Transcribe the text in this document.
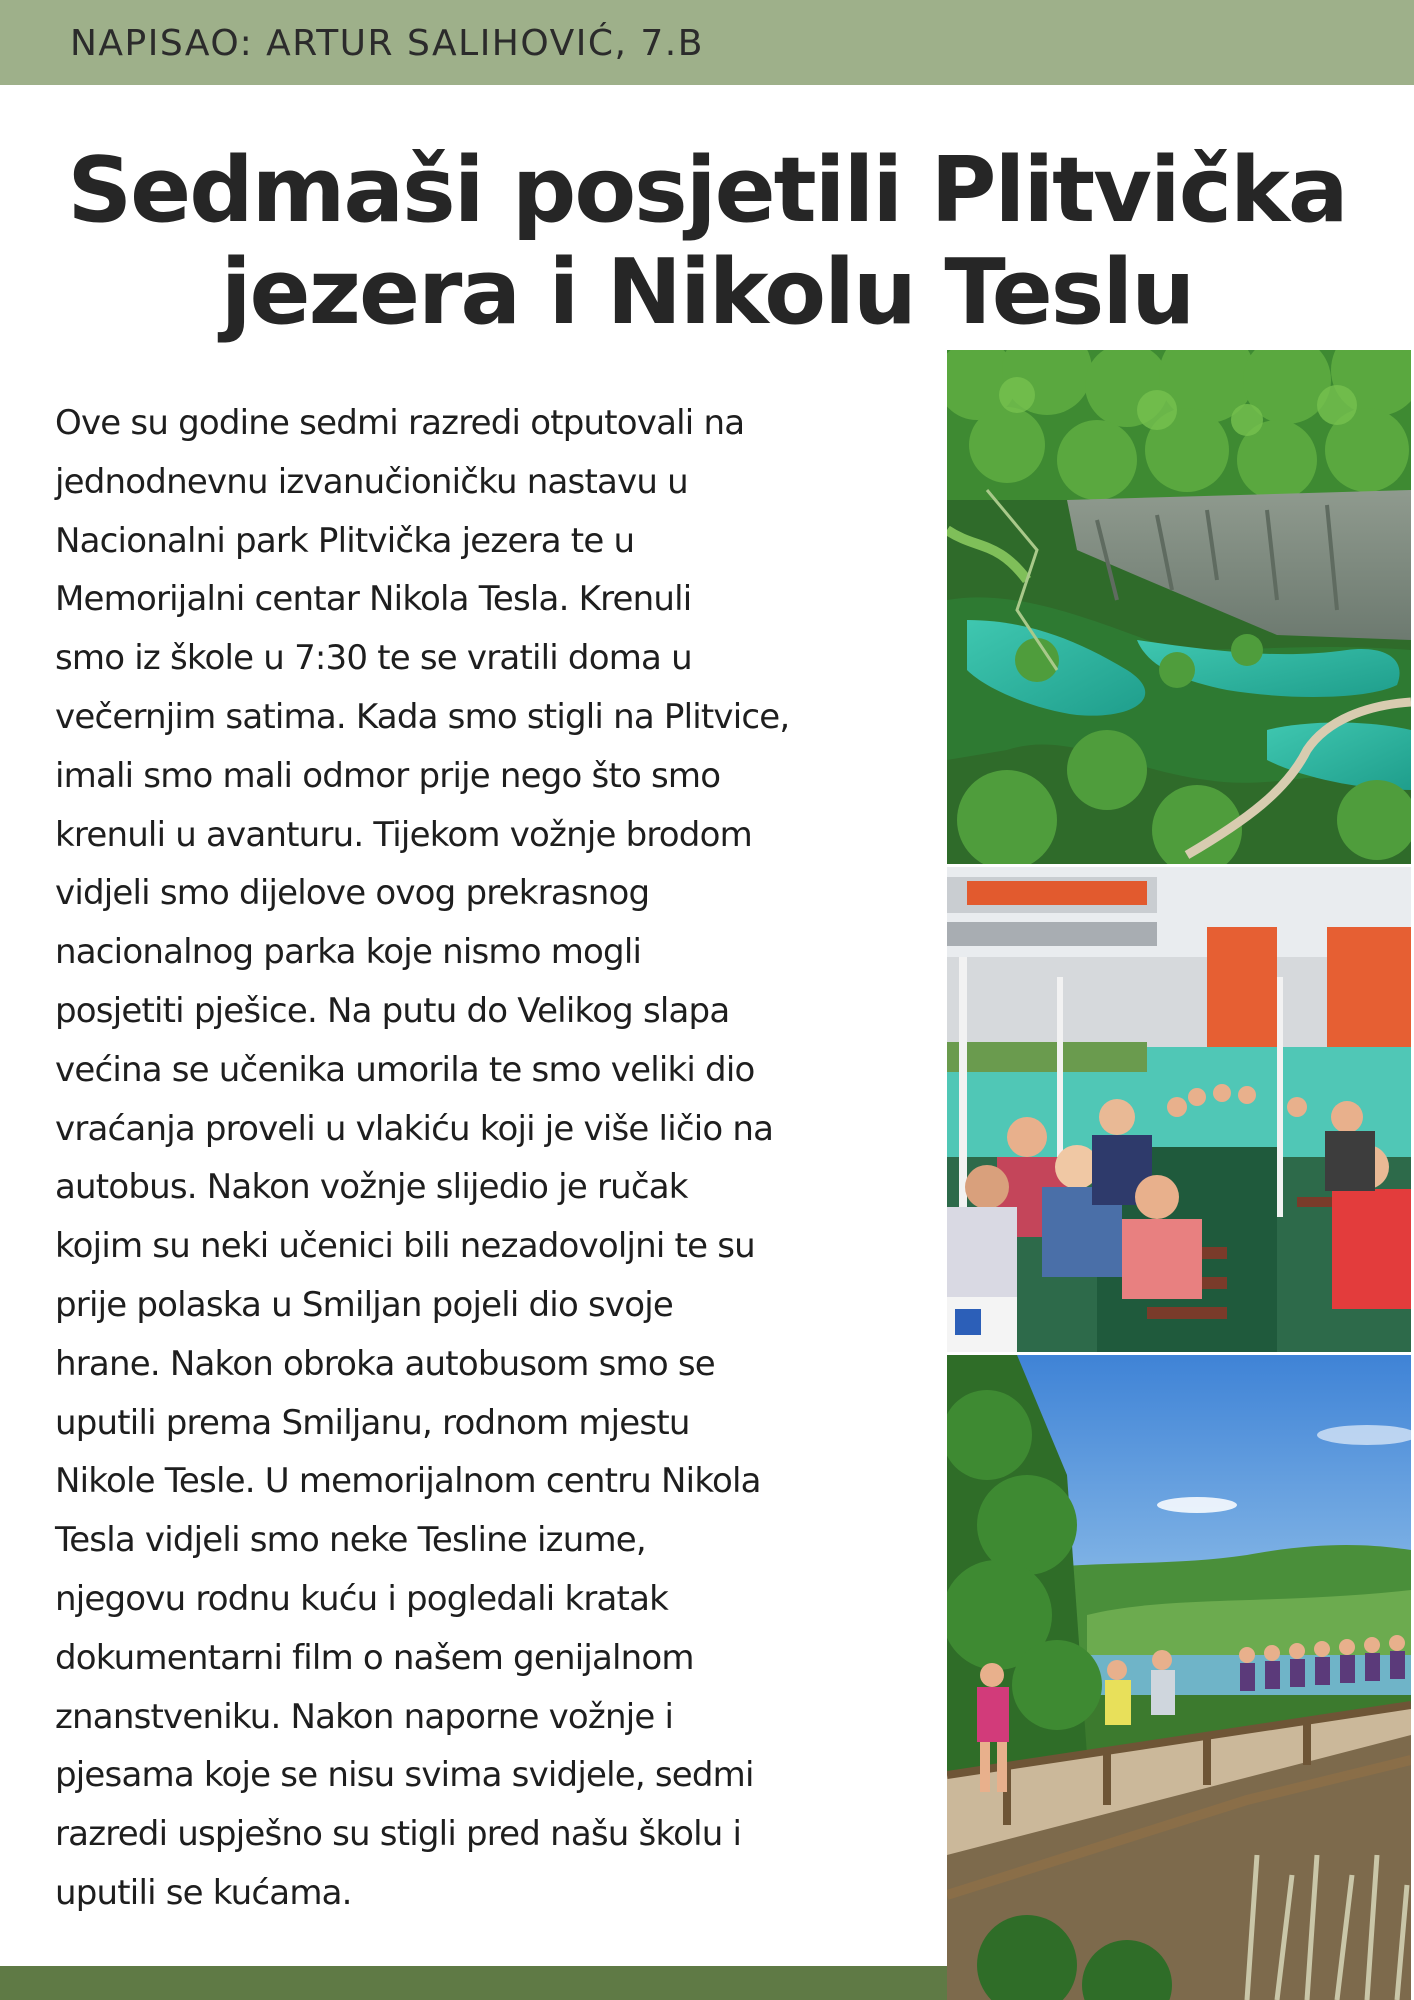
NAPISAO: ARTUR SALIHOVIĆ, 7.B
Sedmaši posjetili Plitvička
jezera i Nikolu Teslu
Ove su godine sedmi razredi otputovali na
jednodnevnu izvanučioničku nastavu u
Nacionalni park Plitvička jezera te u
Memorijalni centar Nikola Tesla. Krenuli
smo iz škole u 7:30 te se vratili doma u
večernjim satima. Kada smo stigli na Plitvice,
imali smo mali odmor prije nego što smo
krenuli u avanturu. Tijekom vožnje brodom
vidjeli smo dijelove ovog prekrasnog
nacionalnog parka koje nismo mogli
posjetiti pješice. Na putu do Velikog slapa
većina se učenika umorila te smo veliki dio
vraćanja proveli u vlakiću koji je više ličio na
autobus. Nakon vožnje slijedio je ručak
kojim su neki učenici bili nezadovoljni te su
prije polaska u Smiljan pojeli dio svoje
hrane. Nakon obroka autobusom smo se
uputili prema Smiljanu, rodnom mjestu
Nikole Tesle. U memorijalnom centru Nikola
Tesla vidjeli smo neke Tesline izume,
njegovu rodnu kuću i pogledali kratak
dokumentarni film o našem genijalnom
znanstveniku. Nakon naporne vožnje i
pjesama koje se nisu svima svidjele, sedmi
razredi uspješno su stigli pred našu školu i
uputili se kućama.
